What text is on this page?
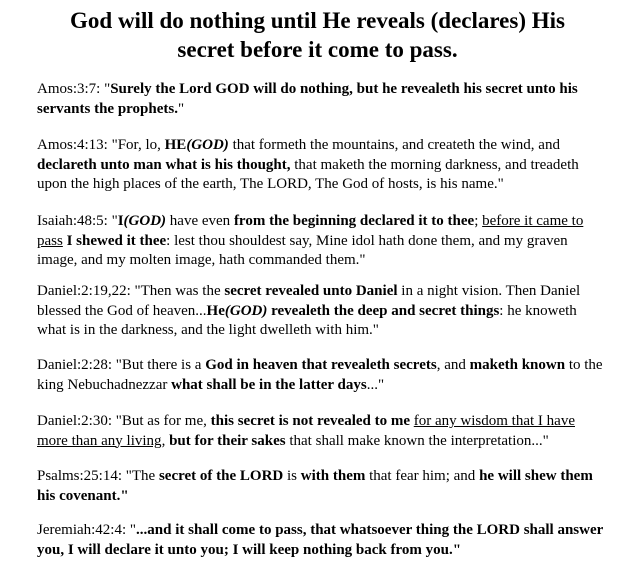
God will do nothing until He reveals (declares) His
secret before it come to pass.

Amos:3:7: "Surely the Lord GOD will do nothing, but he revealeth his secret unto his servants the prophets."

Amos:4:13: "For, lo, HE(GOD) that formeth the mountains, and createth the wind, and declareth unto man what is his thought, that maketh the morning darkness, and treadeth upon the high places of the earth, The LORD, The God of hosts, is his name."

Isaiah:48:5: "I(GOD) have even from the beginning declared it to thee; before it came to pass I shewed it thee: lest thou shouldest say, Mine idol hath done them, and my graven image, and my molten image, hath commanded them."

Daniel:2:19,22: "Then was the secret revealed unto Daniel in a night vision. Then Daniel blessed the God of heaven...He(GOD) revealeth the deep and secret things: he knoweth what is in the darkness, and the light dwelleth with him."

Daniel:2:28: "But there is a God in heaven that revealeth secrets, and maketh known to the king Nebuchadnezzar what shall be in the latter days..."

Daniel:2:30: "But as for me, this secret is not revealed to me for any wisdom that I have more than any living, but for their sakes that shall make known the interpretation..."

Psalms:25:14: "The secret of the LORD is with them that fear him; and he will shew them his covenant."

Jeremiah:42:4: "...and it shall come to pass, that whatsoever thing the LORD shall answer you, I will declare it unto you; I will keep nothing back from you."
